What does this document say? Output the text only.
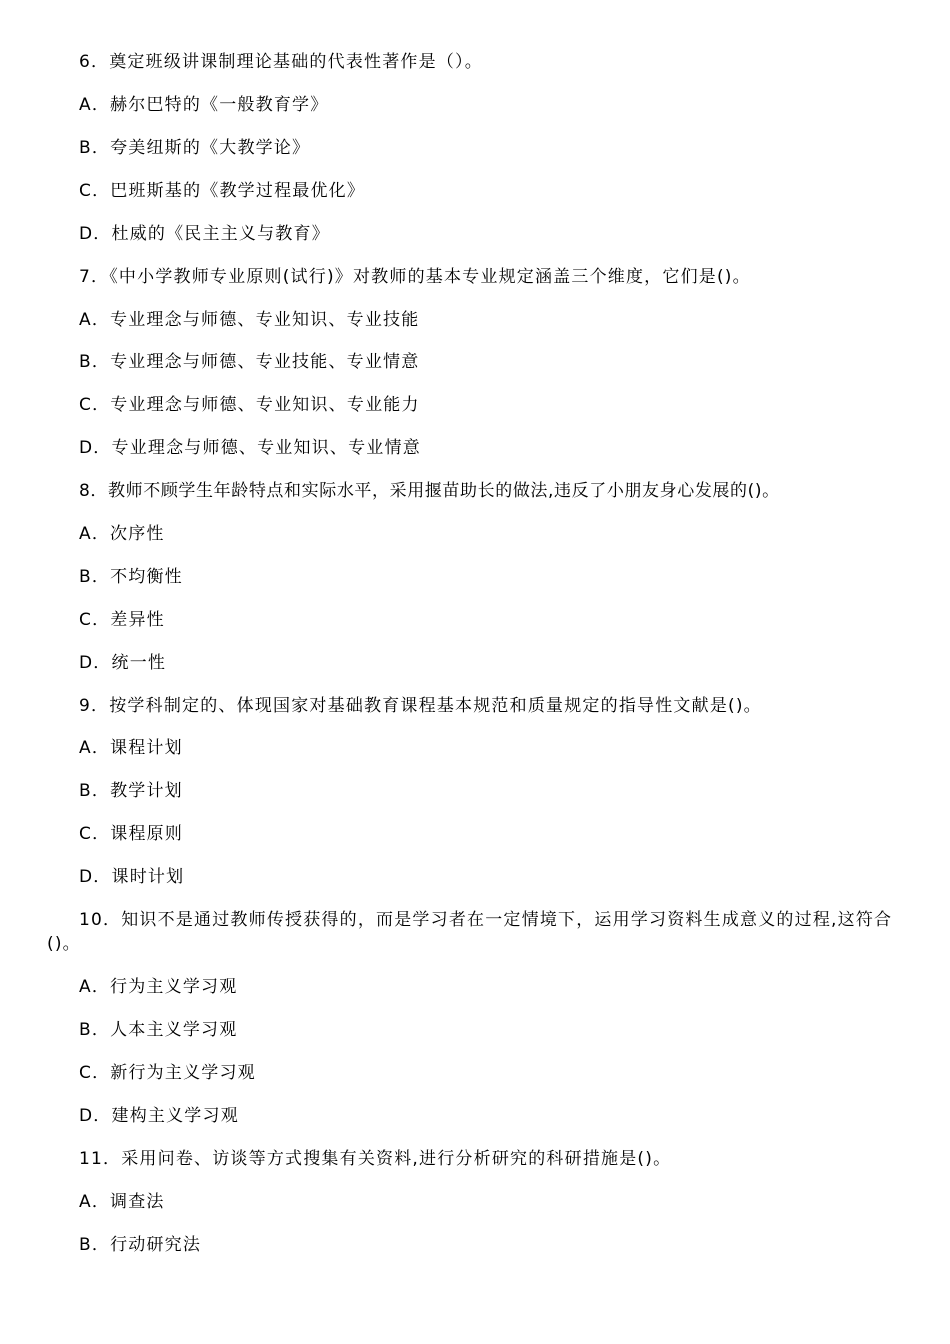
6．奠定班级讲课制理论基础的代表性著作是（）。
A．赫尔巴特的《一般教育学》
B．夸美纽斯的《大教学论》
C．巴班斯基的《教学过程最优化》
D．杜威的《民主主义与教育》
7．《中小学教师专业原则(试行)》对教师的基本专业规定涵盖三个维度，它们是()。
A．专业理念与师德、专业知识、专业技能
B．专业理念与师德、专业技能、专业情意
C．专业理念与师德、专业知识、专业能力
D．专业理念与师德、专业知识、专业情意
8．教师不顾学生年龄特点和实际水平，采用揠苗助长的做法,违反了小朋友身心发展的()。
A．次序性
B．不均衡性
C．差异性
D．统一性
9．按学科制定的、体现国家对基础教育课程基本规范和质量规定的指导性文献是()。
A．课程计划
B．教学计划
C．课程原则
D．课时计划
10．知识不是通过教师传授获得的，而是学习者在一定情境下，运用学习资料生成意义的过程,这符合()。
A．行为主义学习观
B．人本主义学习观
C．新行为主义学习观
D．建构主义学习观
11．采用问卷、访谈等方式搜集有关资料,进行分析研究的科研措施是()。
A．调查法
B．行动研究法
